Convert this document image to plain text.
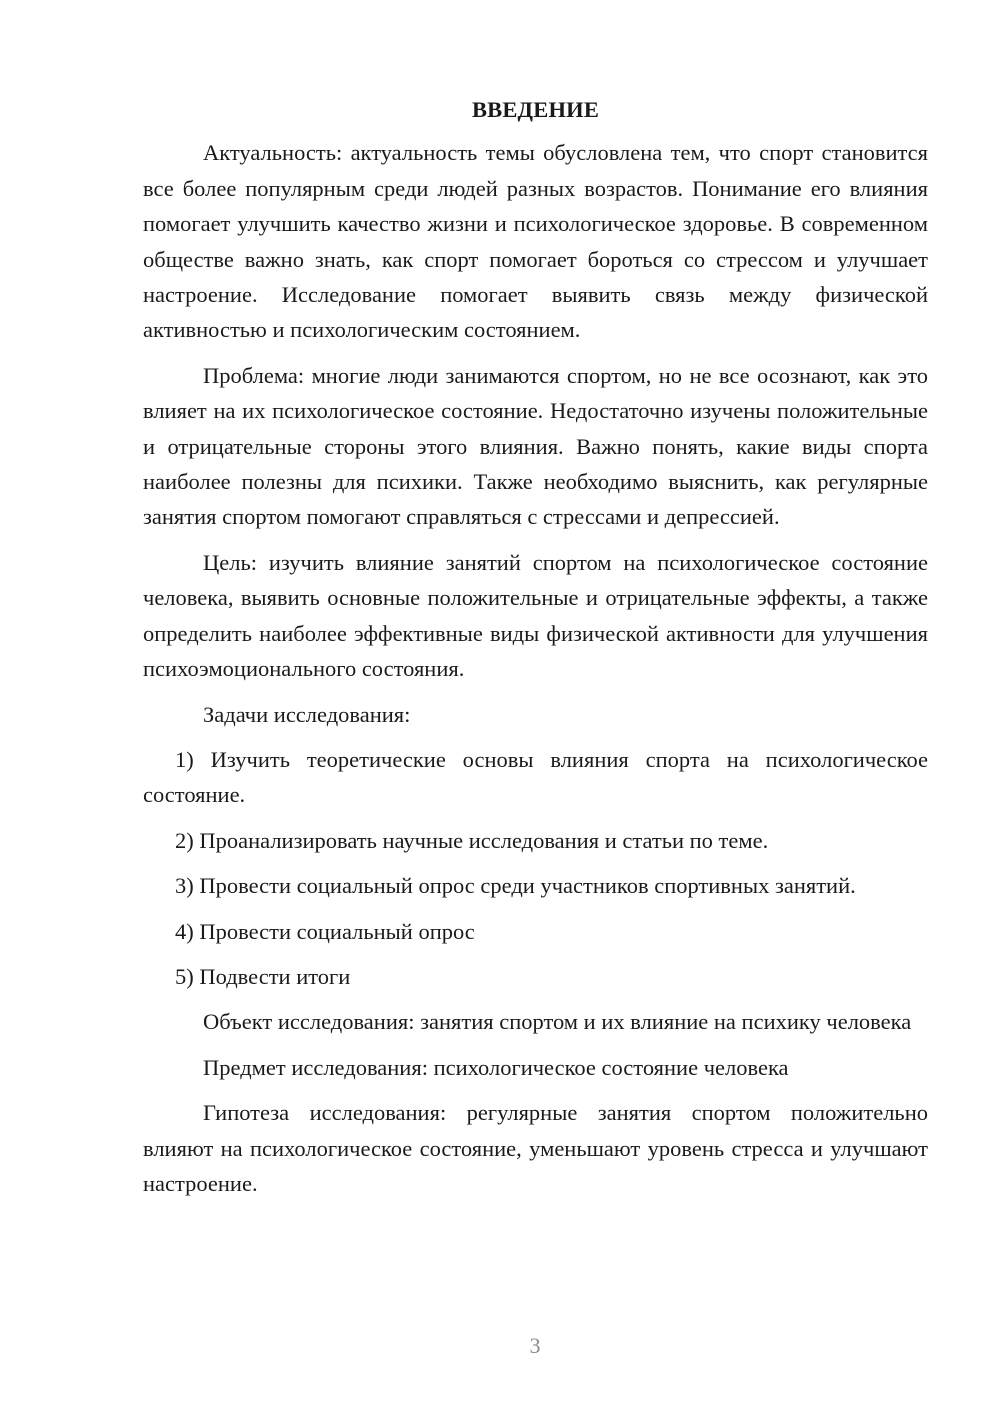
ВВЕДЕНИЕ

Актуальность: актуальность темы обусловлена тем, что спорт становится все более популярным среди людей разных возрастов. Понимание его влияния помогает улучшить качество жизни и психологическое здоровье. В современном обществе важно знать, как спорт помогает бороться со стрессом и улучшает настроение. Исследование помогает выявить связь между физической активностью и психологическим состоянием.

Проблема: многие люди занимаются спортом, но не все осознают, как это влияет на их психологическое состояние. Недостаточно изучены положительные и отрицательные стороны этого влияния. Важно понять, какие виды спорта наиболее полезны для психики. Также необходимо выяснить, как регулярные занятия спортом помогают справляться с стрессами и депрессией.

Цель: изучить влияние занятий спортом на психологическое состояние человека, выявить основные положительные и отрицательные эффекты, а также определить наиболее эффективные виды физической активности для улучшения психоэмоционального состояния.

Задачи исследования:

1) Изучить теоретические основы влияния спорта на психологическое состояние.

2) Проанализировать научные исследования и статьи по теме.

3) Провести социальный опрос среди участников спортивных занятий.

4) Провести социальный опрос

5) Подвести итоги

Объект исследования: занятия спортом и их влияние на психику человека

Предмет исследования: психологическое состояние человека

Гипотеза исследования: регулярные занятия спортом положительно влияют на психологическое состояние, уменьшают уровень стресса и улучшают настроение.

3
